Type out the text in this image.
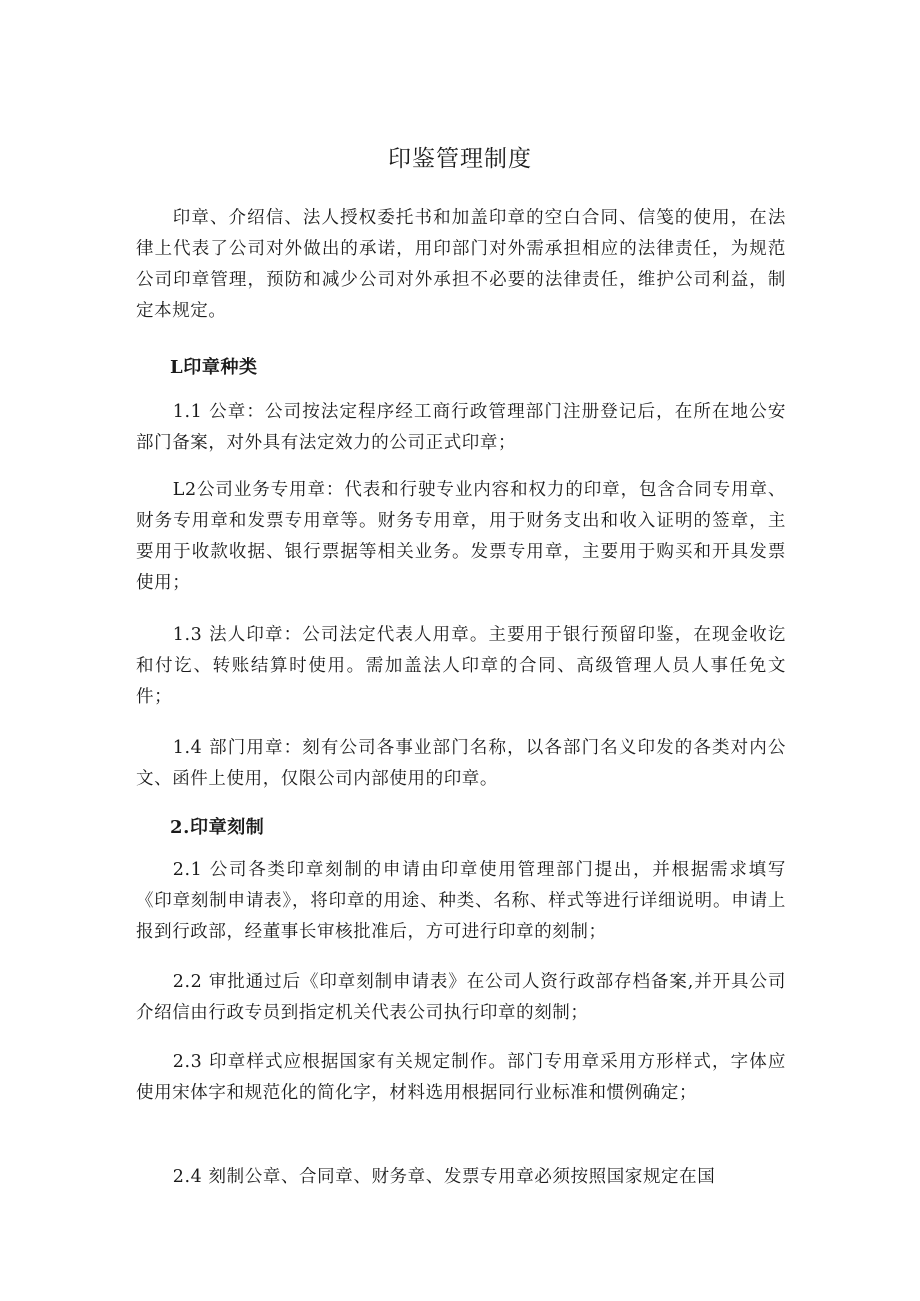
印鉴管理制度
印章、介绍信、法人授权委托书和加盖印章的空白合同、信笺的使用，在法律上代表了公司对外做出的承诺，用印部门对外需承担相应的法律责任，为规范公司印章管理，预防和减少公司对外承担不必要的法律责任，维护公司利益，制定本规定。
L印章种类
1.1 公章：公司按法定程序经工商行政管理部门注册登记后，在所在地公安部门备案，对外具有法定效力的公司正式印章；
L2公司业务专用章：代表和行驶专业内容和权力的印章，包含合同专用章、财务专用章和发票专用章等。财务专用章，用于财务支出和收入证明的签章，主要用于收款收据、银行票据等相关业务。发票专用章，主要用于购买和开具发票使用；
1.3 法人印章：公司法定代表人用章。主要用于银行预留印鉴，在现金收讫和付讫、转账结算时使用。需加盖法人印章的合同、高级管理人员人事任免文件；
1.4 部门用章：刻有公司各事业部门名称，以各部门名义印发的各类对内公文、函件上使用，仅限公司内部使用的印章。
2.印章刻制
2.1 公司各类印章刻制的申请由印章使用管理部门提出，并根据需求填写《印章刻制申请表》，将印章的用途、种类、名称、样式等进行详细说明。申请上报到行政部，经董事长审核批准后，方可进行印章的刻制；
2.2 审批通过后《印章刻制申请表》在公司人资行政部存档备案,并开具公司介绍信由行政专员到指定机关代表公司执行印章的刻制；
2.3 印章样式应根据国家有关规定制作。部门专用章采用方形样式，字体应使用宋体字和规范化的简化字，材料选用根据同行业标准和惯例确定；
2.4 刻制公章、合同章、财务章、发票专用章必须按照国家规定在国
